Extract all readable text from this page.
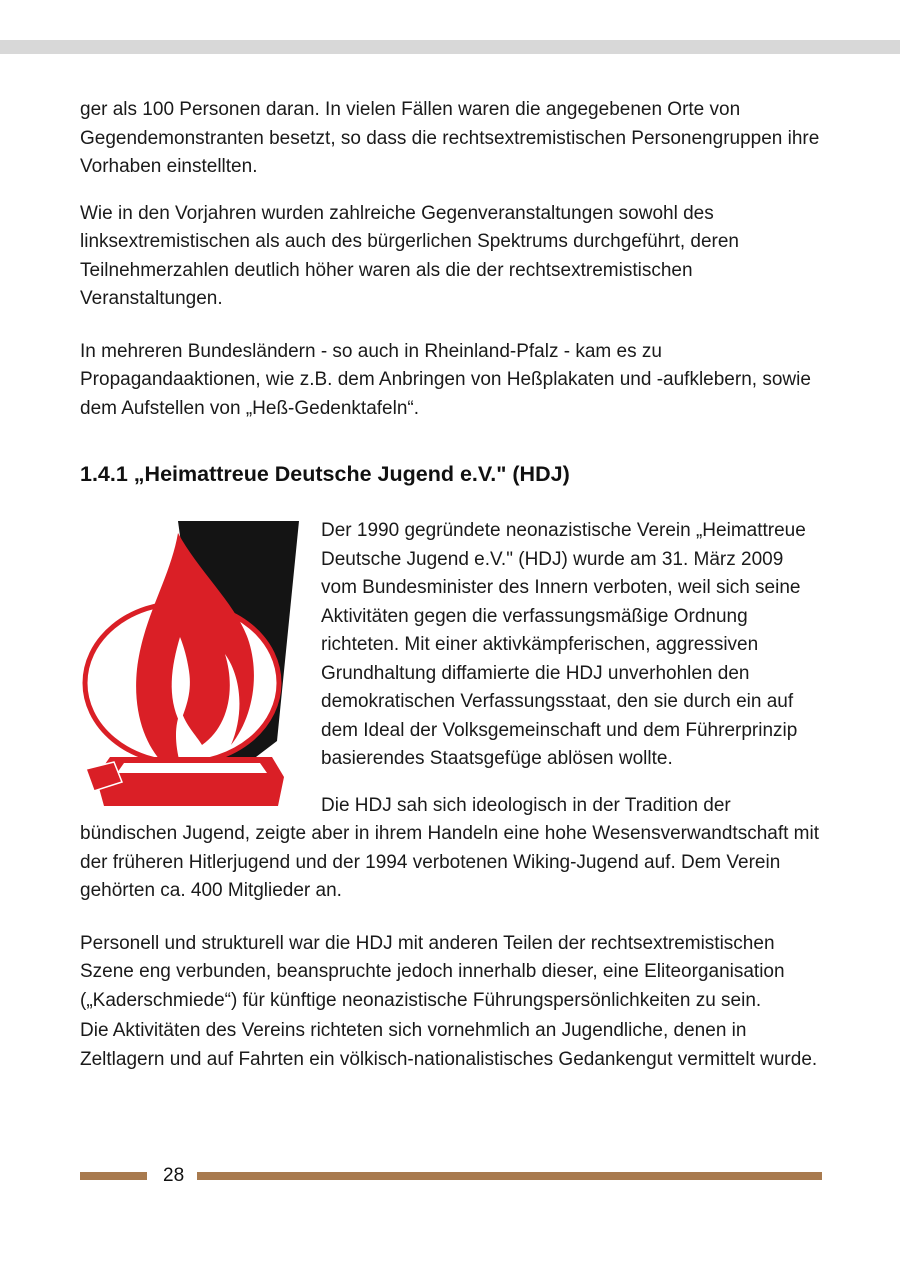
ger als 100 Personen daran. In vielen Fällen waren die angegebenen Orte von Gegendemonstranten besetzt, so dass die rechtsextremistischen Personengruppen ihre Vorhaben einstellten.

Wie in den Vorjahren wurden zahlreiche Gegenveranstaltungen sowohl des linksextremistischen als auch des bürgerlichen Spektrums durchgeführt, deren Teilnehmerzahlen deutlich höher waren als die der rechtsextremistischen Veranstaltungen.

In mehreren Bundesländern - so auch in Rheinland-Pfalz - kam es zu Propagandaaktionen, wie z.B. dem Anbringen von Heßplakaten und -aufklebern, sowie dem Aufstellen von „Heß-Gedenktafeln“.

1.4.1 „Heimattreue Deutsche Jugend e.V." (HDJ)

Der 1990 gegründete neonazistische Verein „Heimattreue Deutsche Jugend e.V." (HDJ) wurde am 31. März 2009 vom Bundesminister des Innern verboten, weil sich seine Aktivitäten gegen die verfassungsmäßige Ordnung richteten. Mit einer aktivkämpferischen, aggressiven Grundhaltung diffamierte die HDJ unverhohlen den demokratischen Verfassungsstaat, den sie durch ein auf dem Ideal der Volksgemeinschaft und dem Führerprinzip basierendes Staatsgefüge ablösen wollte.

Die HDJ sah sich ideologisch in der Tradition der bündischen Jugend, zeigte aber in ihrem Handeln eine hohe Wesensverwandtschaft mit der früheren Hitlerjugend und der 1994 verbotenen Wiking-Jugend auf. Dem Verein gehörten ca. 400 Mitglieder an.

Personell und strukturell war die HDJ mit anderen Teilen der rechtsextremistischen Szene eng verbunden, beanspruchte jedoch innerhalb dieser, eine Eliteorganisation („Kaderschmiede“) für künftige neonazistische Führungspersönlichkeiten zu sein.

Die Aktivitäten des Vereins richteten sich vornehmlich an Jugendliche, denen in Zeltlagern und auf Fahrten ein völkisch-nationalistisches Gedankengut vermittelt wurde.

28
